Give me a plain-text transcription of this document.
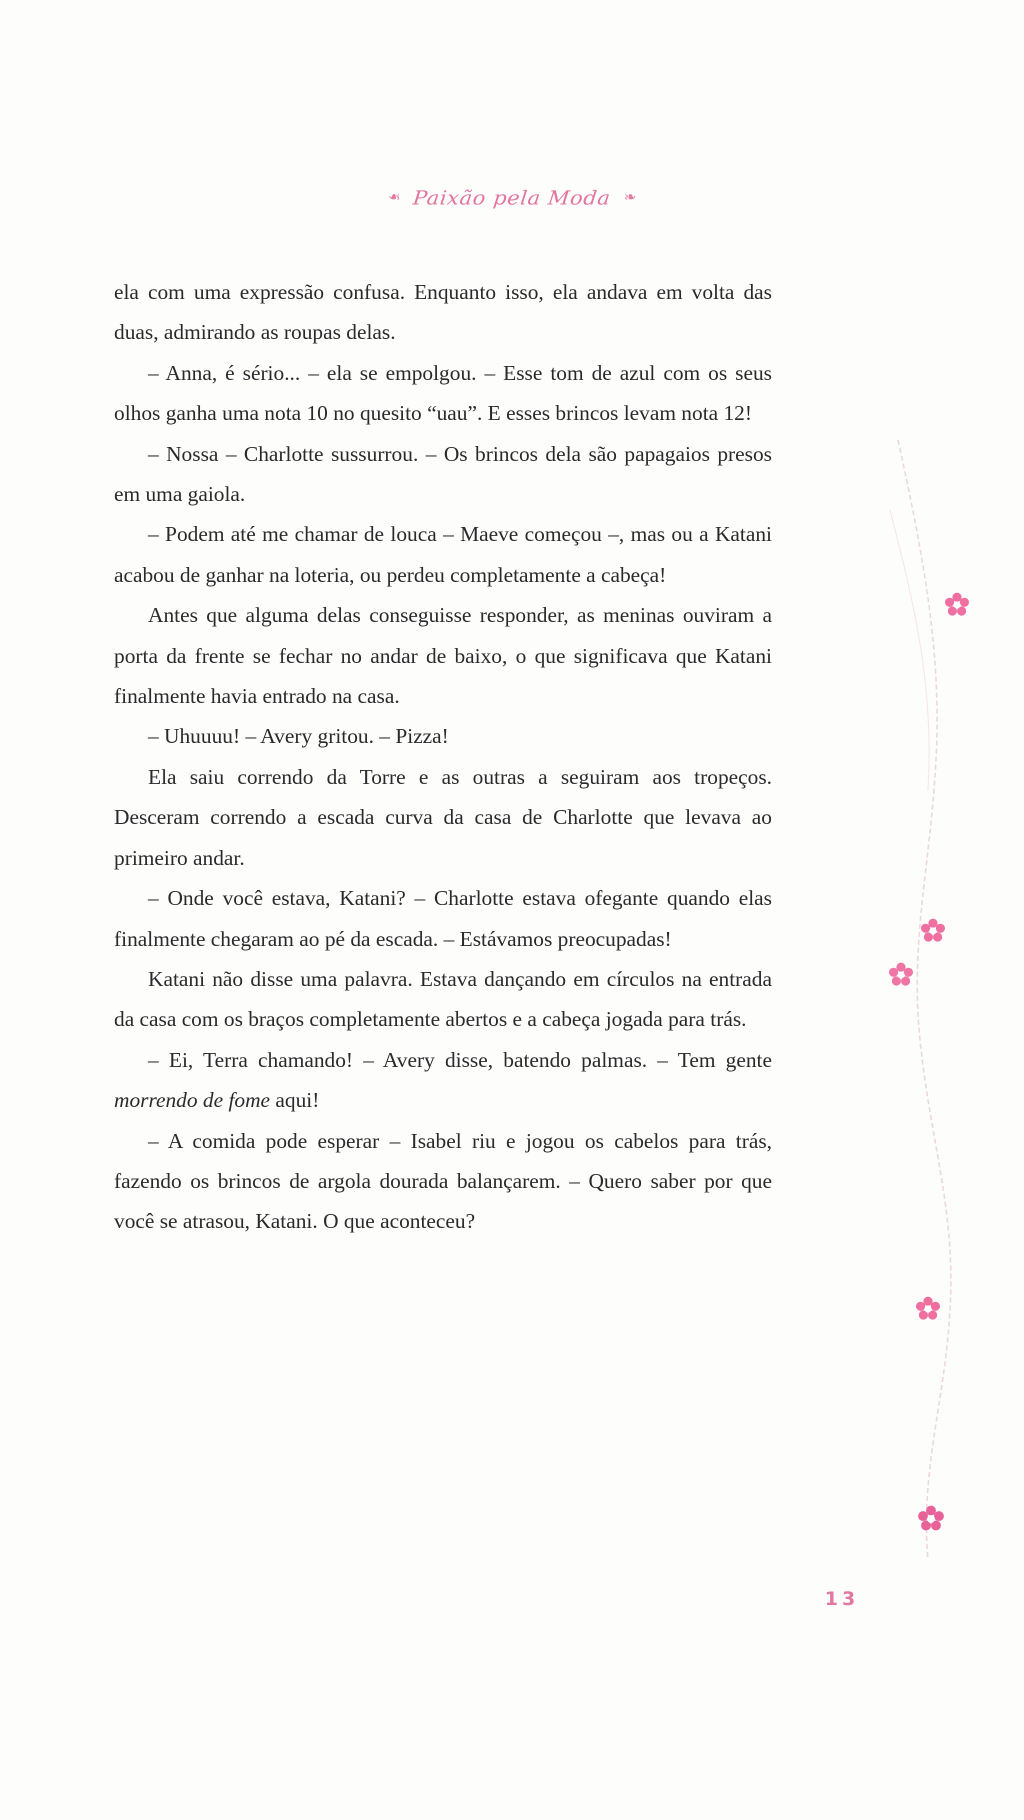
❧ Paixão pela Moda ❧

ela com uma expressão confusa. Enquanto isso, ela andava em volta das duas, admirando as roupas delas.

– Anna, é sério... – ela se empolgou. – Esse tom de azul com os seus olhos ganha uma nota 10 no quesito “uau”. E esses brincos levam nota 12!

– Nossa – Charlotte sussurrou. – Os brincos dela são papagaios presos em uma gaiola.

– Podem até me chamar de louca – Maeve começou –, mas ou a Katani acabou de ganhar na loteria, ou perdeu completamente a cabeça!

Antes que alguma delas conseguisse responder, as meninas ouviram a porta da frente se fechar no andar de baixo, o que significava que Katani finalmente havia entrado na casa.

– Uhuuuu! – Avery gritou. – Pizza!

Ela saiu correndo da Torre e as outras a seguiram aos tropeços. Desceram correndo a escada curva da casa de Charlotte que levava ao primeiro andar.

– Onde você estava, Katani? – Charlotte estava ofegante quando elas finalmente chegaram ao pé da escada. – Estávamos preocupadas!

Katani não disse uma palavra. Estava dançando em círculos na entrada da casa com os braços completamente abertos e a cabeça jogada para trás.

– Ei, Terra chamando! – Avery disse, batendo palmas. – Tem gente morrendo de fome aqui!

– A comida pode esperar – Isabel riu e jogou os cabelos para trás, fazendo os brincos de argola dourada balançarem. – Quero saber por que você se atrasou, Katani. O que aconteceu?

13
